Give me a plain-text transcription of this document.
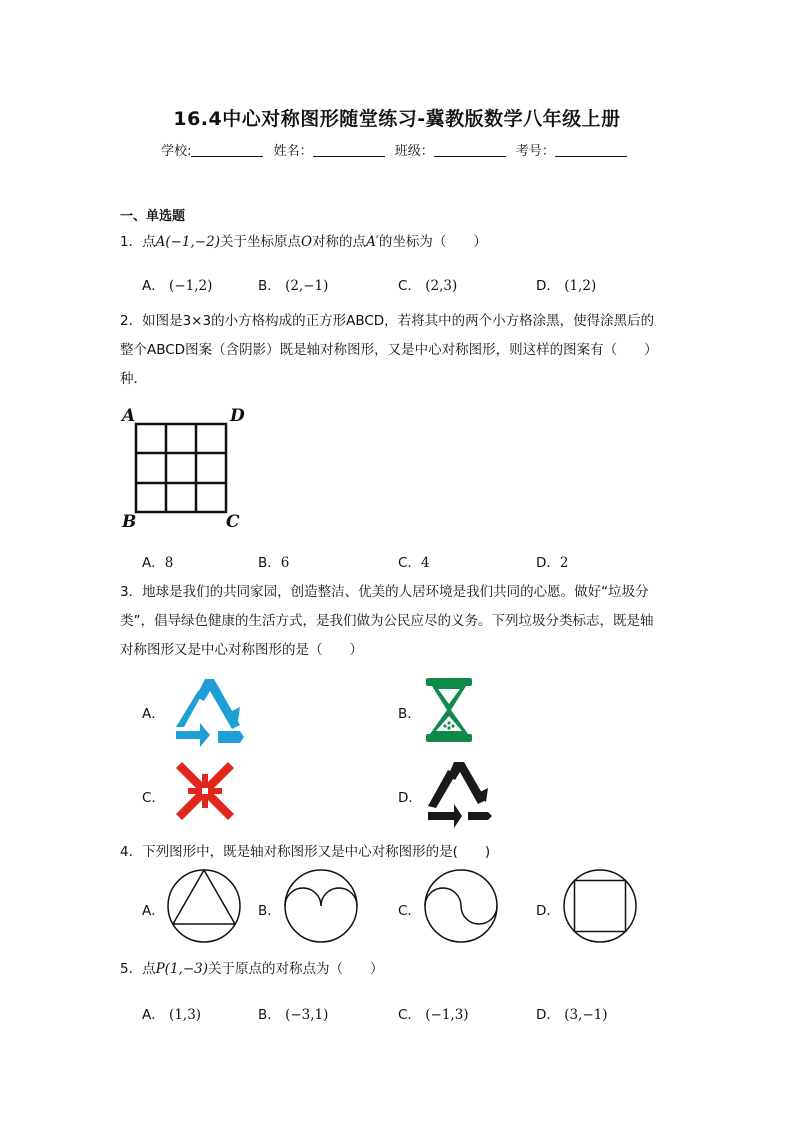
16.4中心对称图形随堂练习-冀教版数学八年级上册
学校:	姓名：	班级：	考号：
一、单选题
1．点A(−1,−2)关于坐标原点O对称的点A′的坐标为（　　）
A． (−1,2)	B． (2,−1)	C． (2,3)	D． (1,2)
2．如图是3×3的小方格构成的正方形ABCD，若将其中的两个小方格涂黑，使得涂黑后的
整个ABCD图案（含阴影）既是轴对称图形，又是中心对称图形，则这样的图案有（　　）
种．
A	D
B	C
A．8	B．6	C．4	D．2
3．地球是我们的共同家园，创造整洁、优美的人居环境是我们共同的心愿。做好“垃圾分
类”，倡导绿色健康的生活方式，是我们做为公民应尽的义务。下列垃圾分类标志，既是轴
对称图形又是中心对称图形的是（　　）
A．	B．
C．	D．
4．下列图形中，既是轴对称图形又是中心对称图形的是(　　)
A．	B．	C．	D．
5．点P(1,−3)关于原点的对称点为（　　）
A． (1,3)	B． (−3,1)	C． (−1,3)	D． (3,−1)
